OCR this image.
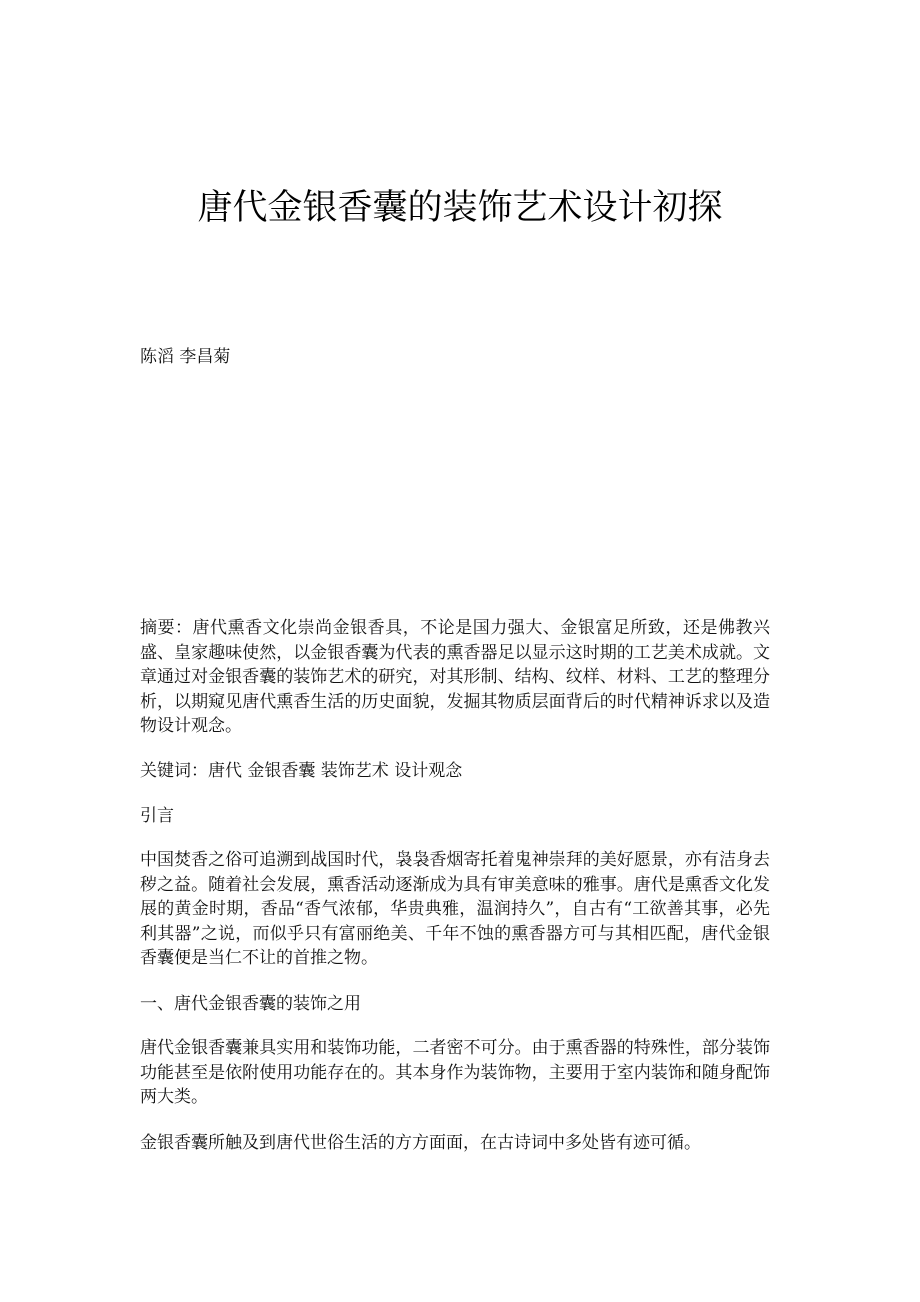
唐代金银香囊的装饰艺术设计初探
陈滔 李昌菊
摘要：唐代熏香文化崇尚金银香具，不论是国力强大、金银富足所致，还是佛教兴盛、皇家趣味使然，以金银香囊为代表的熏香器足以显示这时期的工艺美术成就。文章通过对金银香囊的装饰艺术的研究，对其形制、结构、纹样、材料、工艺的整理分析，以期窥见唐代熏香生活的历史面貌，发掘其物质层面背后的时代精神诉求以及造物设计观念。
关键词：唐代 金银香囊 装饰艺术 设计观念
引言
中国焚香之俗可追溯到战国时代，袅袅香烟寄托着鬼神崇拜的美好愿景，亦有洁身去秽之益。随着社会发展，熏香活动逐渐成为具有审美意味的雅事。唐代是熏香文化发展的黄金时期，香品“香气浓郁，华贵典雅，温润持久”，自古有“工欲善其事，必先利其器”之说，而似乎只有富丽绝美、千年不蚀的熏香器方可与其相匹配，唐代金银香囊便是当仁不让的首推之物。
一、唐代金银香囊的装饰之用
唐代金银香囊兼具实用和装饰功能，二者密不可分。由于熏香器的特殊性，部分装饰功能甚至是依附使用功能存在的。其本身作为装饰物，主要用于室内装饰和随身配饰两大类。
金银香囊所触及到唐代世俗生活的方方面面，在古诗词中多处皆有迹可循。
